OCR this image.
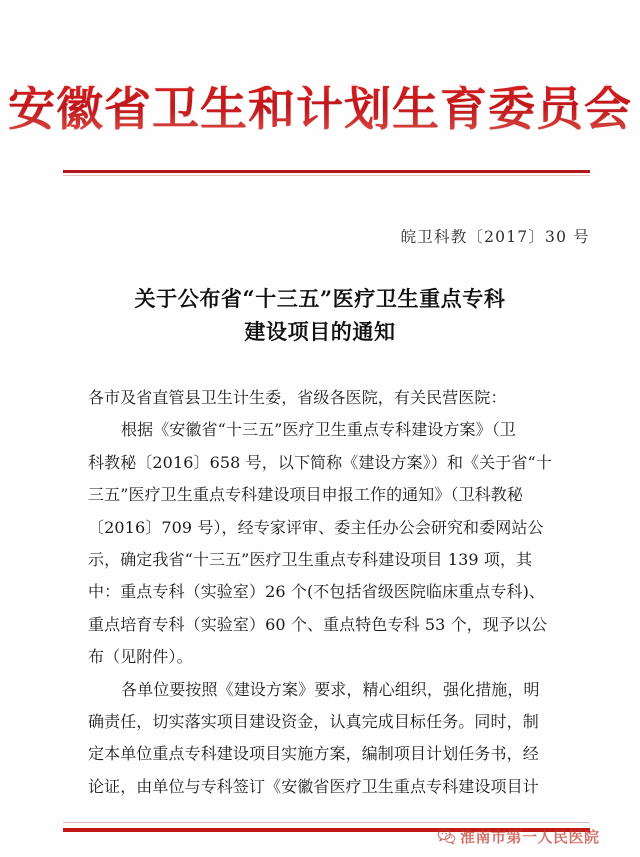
安徽省卫生和计划生育委员会
皖卫科教〔2017〕30 号
关于公布省“十三五”医疗卫生重点专科
建设项目的通知
各市及省直管县卫生计生委，省级各医院，有关民营医院：
根据《安徽省“十三五”医疗卫生重点专科建设方案》（卫
科教秘〔2016〕658 号，以下简称《建设方案》）和《关于省“十
三五”医疗卫生重点专科建设项目申报工作的通知》（卫科教秘
〔2016〕709 号），经专家评审、委主任办公会研究和委网站公
示，确定我省“十三五”医疗卫生重点专科建设项目 139 项，其
中：重点专科（实验室）26 个(不包括省级医院临床重点专科)、
重点培育专科（实验室）60 个、重点特色专科 53 个，现予以公
布（见附件）。
各单位要按照《建设方案》要求，精心组织，强化措施，明
确责任，切实落实项目建设资金，认真完成目标任务。同时，制
定本单位重点专科建设项目实施方案，编制项目计划任务书，经
论证，由单位与专科签订《安徽省医疗卫生重点专科建设项目计
淮南市第一人民医院
